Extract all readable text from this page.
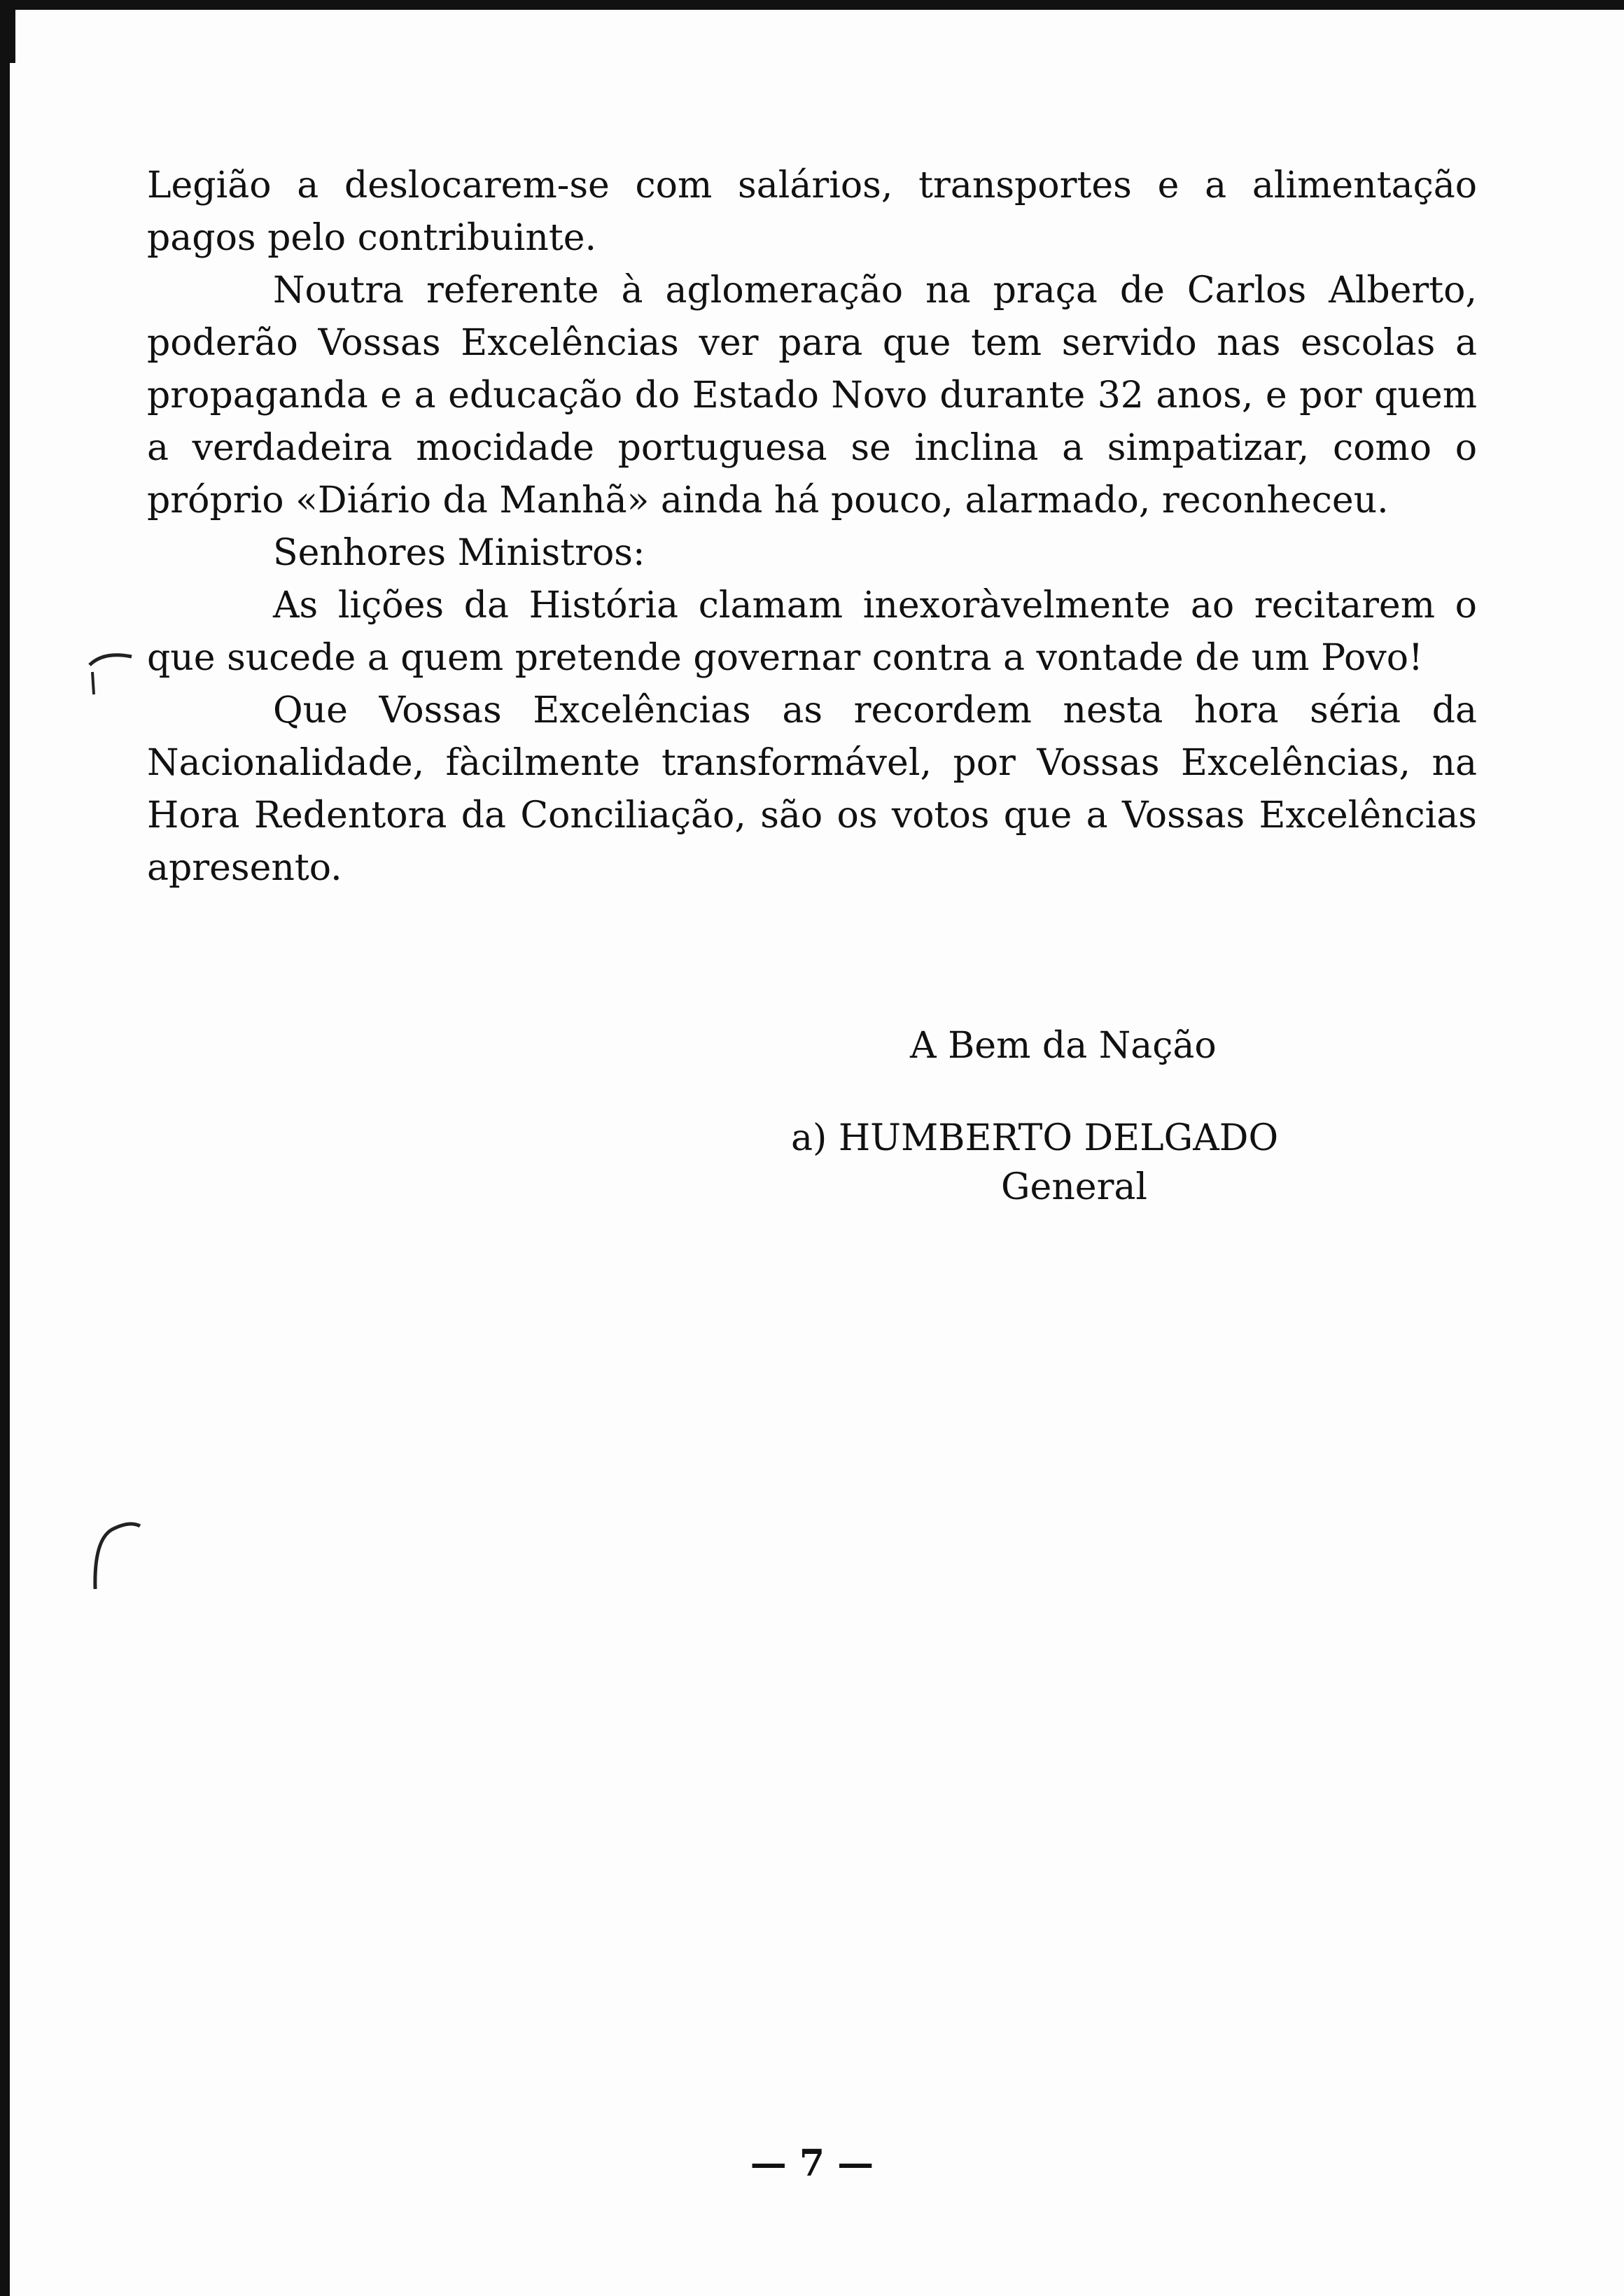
Legião a deslocarem-se com salários, transportes e a alimentação pagos pelo contribuinte.

Noutra referente à aglomeração na praça de Carlos Alberto, poderão Vossas Excelências ver para que tem servido nas escolas a propaganda e a educação do Estado Novo durante 32 anos, e por quem a verdadeira mocidade portuguesa se inclina a simpatizar, como o próprio «Diário da Manhã» ainda há pouco, alarmado, reconheceu.

Senhores Ministros:

As lições da História clamam inexoràvelmente ao recitarem o que sucede a quem pretende governar contra a vontade de um Povo!

Que Vossas Excelências as recordem nesta hora séria da Nacionalidade, fàcilmente transformável, por Vossas Excelências, na Hora Redentora da Conciliação, são os votos que a Vossas Excelências apresento.

A Bem da Nação
a) HUMBERTO DELGADO
General
— 7 —
